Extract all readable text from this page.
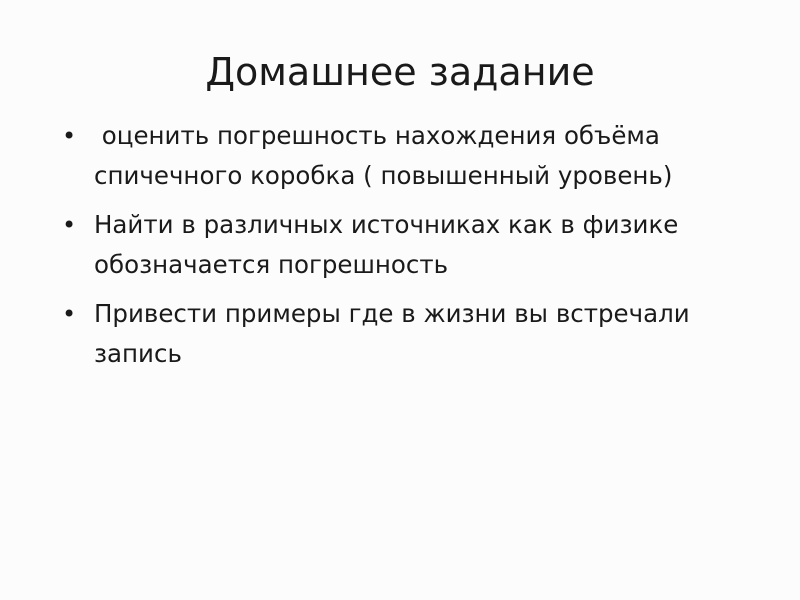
Домашнее задание
• оценить погрешность нахождения объёма спичечного коробка ( повышенный уровень)
• Найти в различных источниках как в физике обозначается погрешность
• Привести примеры где в жизни вы встречали запись
